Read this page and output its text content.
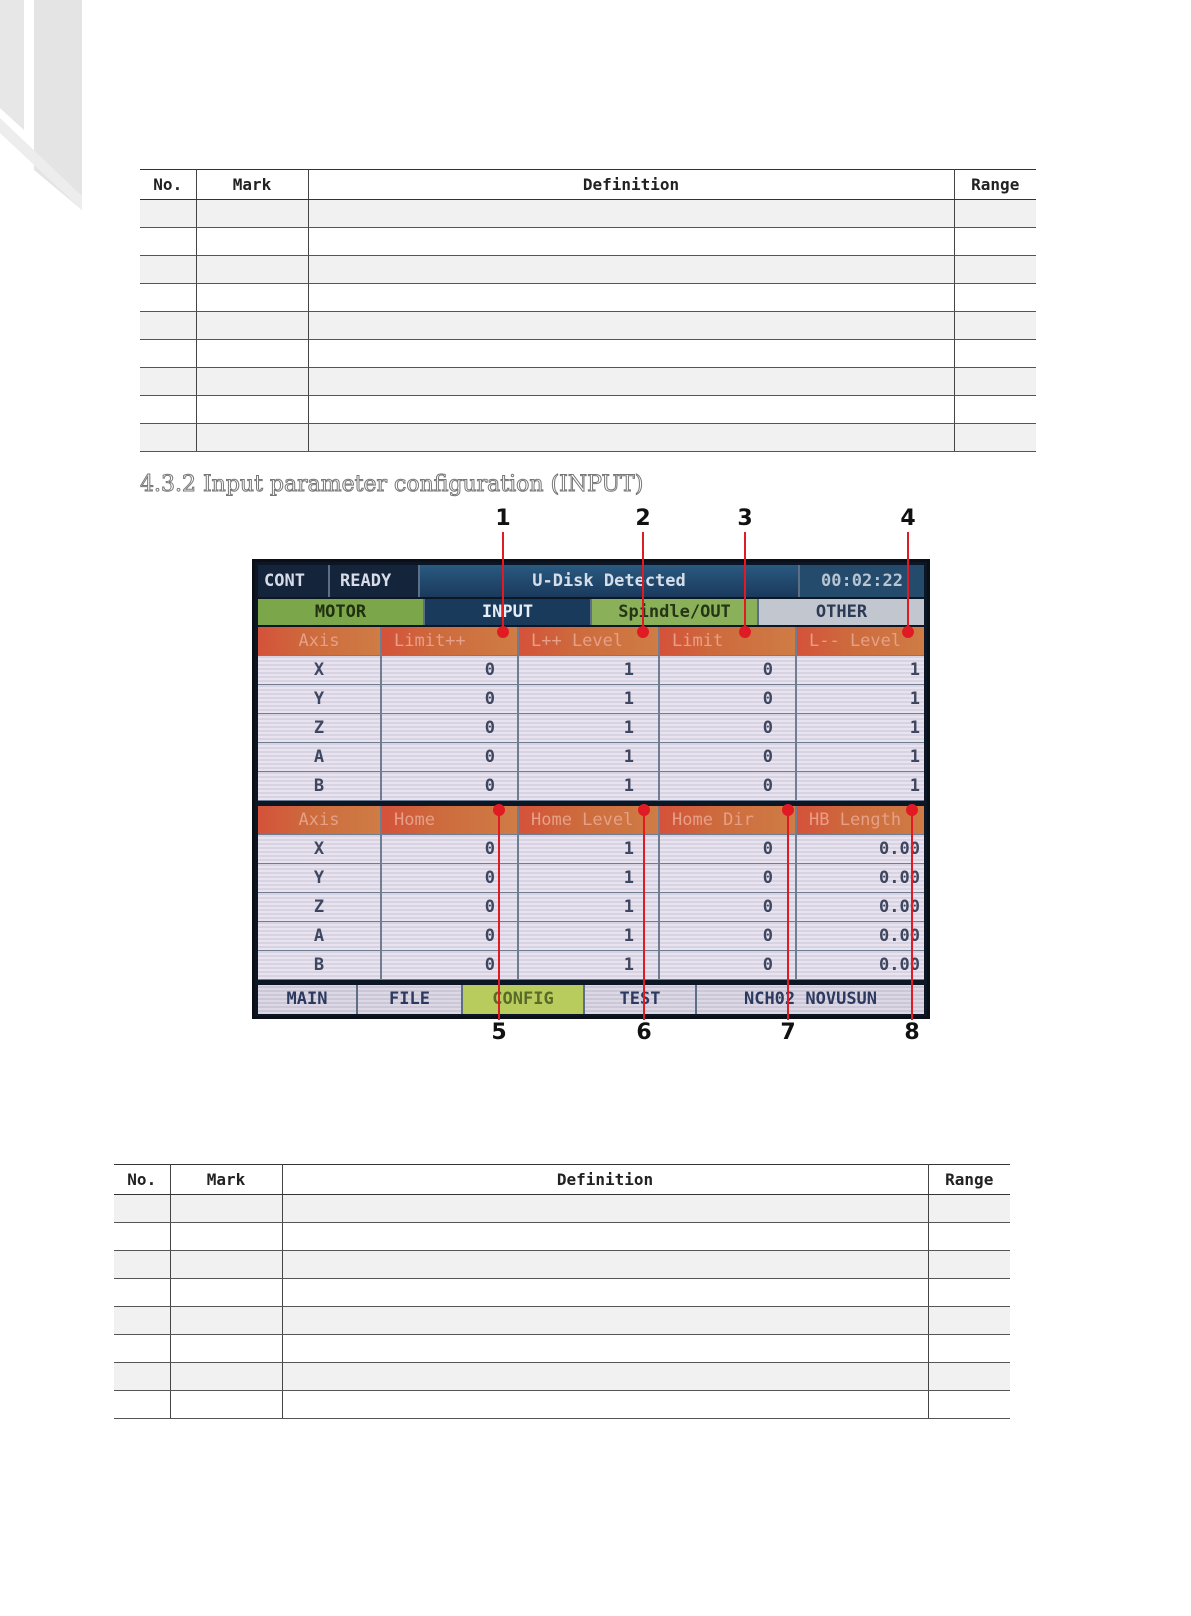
No.	Mark	Definition	Range

4.3.2 Input parameter configuration (INPUT)
1	2	3	4
CONT	READY	U-Disk Detected	00:02:22
MOTOR	INPUT	Spindle/OUT	OTHER
Axis	Limit++	L++ Level	Limit	L-- Level
X	0	1	0	1
Y	0	1	0	1
Z	0	1	0	1
A	0	1	0	1
B	0	1	0	1
Axis	Home	Home Level	Home Dir	HB Length
X	0	1	0	0.00
Y	0	1	0	0.00
Z	0	1	0	0.00
A	0	1	0	0.00
B	0	1	0	0.00
MAIN	FILE	CONFIG	TEST	NCH02 NOVUSUN
5	6	7	8
No.	Mark	Definition	Range
